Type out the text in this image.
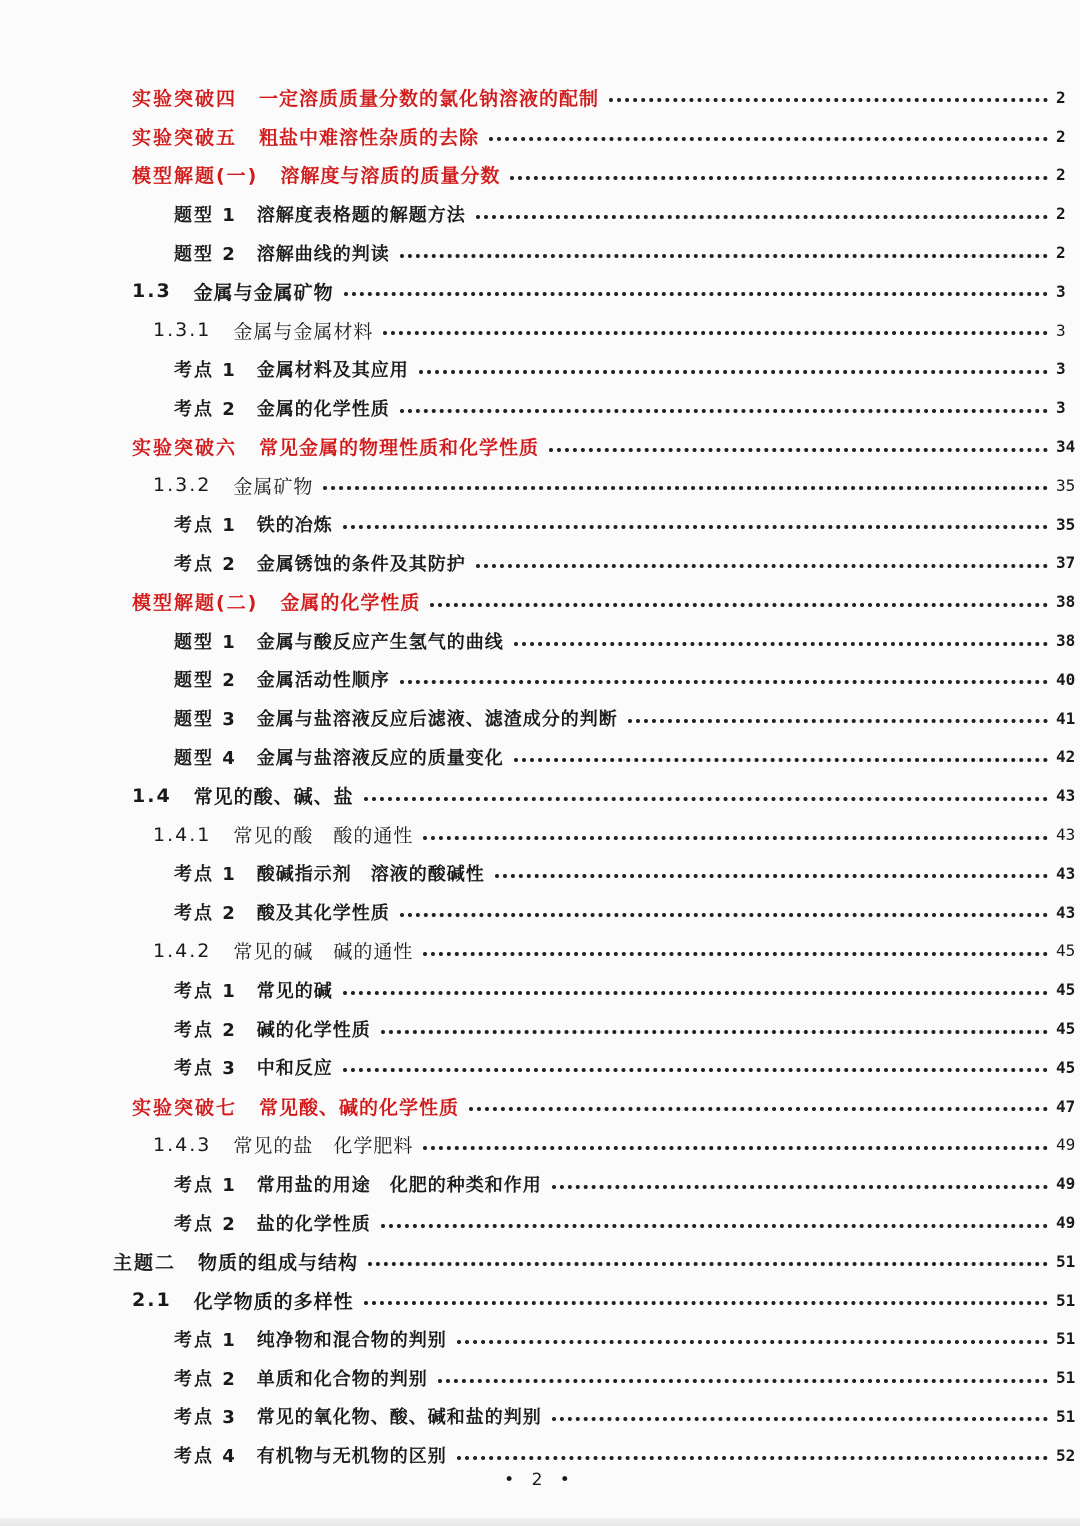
实验突破四 一定溶质质量分数的氯化钠溶液的配制	2
实验突破五 粗盐中难溶性杂质的去除	2
模型解题(一) 溶解度与溶质的质量分数	2
题型 1 溶解度表格题的解题方法	2
题型 2 溶解曲线的判读	2
1.3 金属与金属矿物	3
1.3.1 金属与金属材料	3
考点 1 金属材料及其应用	3
考点 2 金属的化学性质	3
实验突破六 常见金属的物理性质和化学性质	34
1.3.2 金属矿物	35
考点 1 铁的冶炼	35
考点 2 金属锈蚀的条件及其防护	37
模型解题(二) 金属的化学性质	38
题型 1 金属与酸反应产生氢气的曲线	38
题型 2 金属活动性顺序	40
题型 3 金属与盐溶液反应后滤液、滤渣成分的判断	41
题型 4 金属与盐溶液反应的质量变化	42
1.4 常见的酸、碱、盐	43
1.4.1 常见的酸　酸的通性	43
考点 1 酸碱指示剂　溶液的酸碱性	43
考点 2 酸及其化学性质	43
1.4.2 常见的碱　碱的通性	45
考点 1 常见的碱	45
考点 2 碱的化学性质	45
考点 3 中和反应	45
实验突破七 常见酸、碱的化学性质	47
1.4.3 常见的盐　化学肥料	49
考点 1 常用盐的用途　化肥的种类和作用	49
考点 2 盐的化学性质	49
主题二 物质的组成与结构	51
2.1 化学物质的多样性	51
考点 1 纯净物和混合物的判别	51
考点 2 单质和化合物的判别	51
考点 3 常见的氧化物、酸、碱和盐的判别	51
考点 4 有机物与无机物的区别	52
• 2 •
